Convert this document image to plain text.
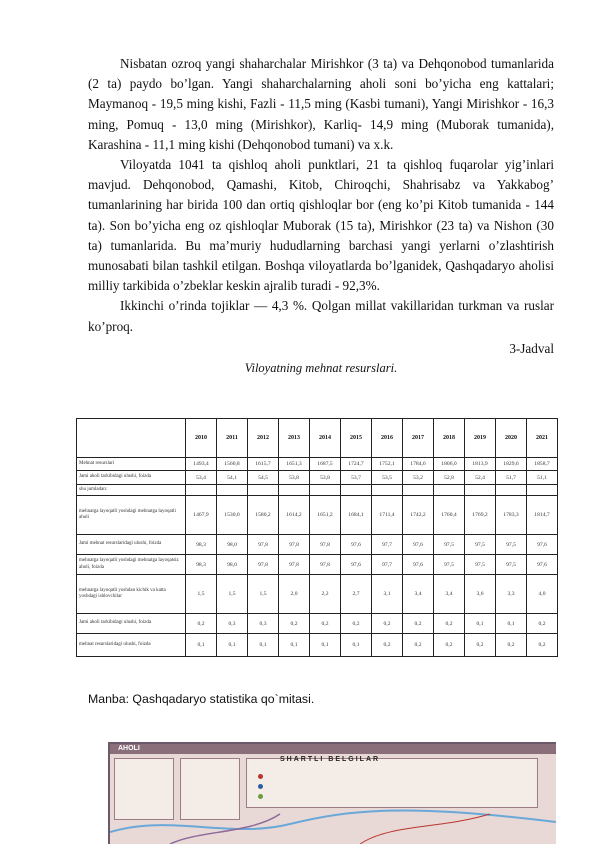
Nisbatan ozroq yangi shaharchalar Mirishkor (3 ta) va Dehqonobod tumanlarida (2 ta) paydo bo’lgan. Yangi shaharchalarning aholi soni bo’yicha eng kattalari; Maymanoq - 19,5 ming kishi, Fazli - 11,5 ming (Kasbi tumani), Yangi Mirishkor - 16,3 ming, Pomuq - 13,0 ming (Mirishkor), Karliq- 14,9 ming (Muborak tumanida), Karashina - 11,1 ming kishi (Dehqonobod tumani) va x.k.

Viloyatda 1041 ta qishloq aholi punktlari, 21 ta qishloq fuqarolar yig’inlari mavjud. Dehqonobod, Qamashi, Kitob, Chiroqchi, Shahrisabz va Yakkabog’ tumanlarining har birida 100 dan ortiq qishloqlar bor (eng ko’pi Kitob tumanida - 144 ta). Son bo’yicha eng oz qishloqlar Muborak (15 ta), Mirishkor (23 ta) va Nishon (30 ta) tumanlarida. Bu ma’muriy hududlarning barchasi yangi yerlarni o’zlashtirish munosabati bilan tashkil etilgan. Boshqa viloyatlarda bo’lganidek, Qashqadaryo aholisi milliy tarkibida o’zbeklar keskin ajralib turadi - 92,3%.

Ikkinchi o’rinda tojiklar — 4,3 %. Qolgan millat vakillaridan turkman va ruslar ko’proq.

3-Jadval
Viloyatning mehnat resurslari.
	2010	2011	2012	2013	2014	2015	2016	2017	2018	2019	2020	2021
Mehnat resurslari	1493,4	1560,8	1615,7	1651,3	1687,5	1724,7	1752,1	1784,6	1806,0	1813,9	1829,6	1858,7
Jami aholi tarkibidagi ulushi, foizda	53,4	54,1	54,5	53,8	53,8	53,7	53,5	53,2	52,8	52,4	51,7	51,1
shu jumladan:												
mehnatga layoqatli yoshdagi mehnatga layoqatli aholi	1467,9	1530,0	1580,2	1614,2	1651,2	1684,1	1711,4	1742,2	1760,4	1769,2	1783,3	1814,7
Jami mehnat resurslaridagi ulushi, foizda	98,3	98,0	97,8	97,8	97,8	97,6	97,7	97,6	97,5	97,5	97,5	97,6
mehnatga layoqatli yoshdagi mehnatga layoqatsiz aholi, foizda	98,3	98,0	97,8	97,8	97,8	97,6	97,7	97,6	97,5	97,5	97,5	97,6
mehnatga layoqatli yoshdan kichik va katta yoshdagi ishlovchilar	1,5	1,5	1,5	2,0	2,2	2,7	3,1	3,4	3,4	3,6	3,3	4,0
Jami aholi tarkibidagi ulushi, foizda	0,2	0,3	0,3	0,2	0,2	0,2	0,2	0,2	0,2	0,1	0,1	0,2
mehnat resurslaridagi ulushi, foizda	0,1	0,1	0,1	0,1	0,1	0,1	0,2	0,2	0,2	0,2	0,2	0,2
Manba: Qashqadaryo statistika qo`mitasi.
AHOLI
SHARTLI BELGILAR
